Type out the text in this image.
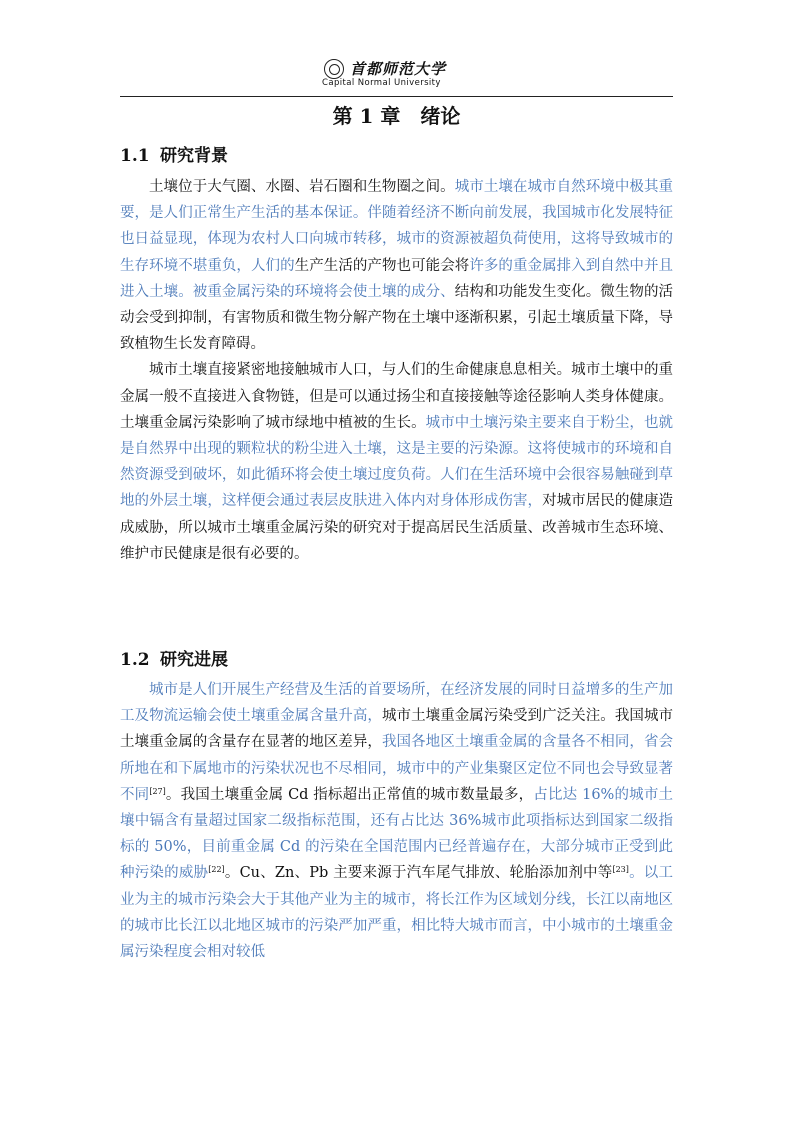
首都师范大学
Capital Normal University
第 1 章　绪论
1.1 研究背景

土壤位于大气圈、水圈、岩石圈和生物圈之间。城市土壤在城市自然环境中极其重要，是人们正常生产生活的基本保证。伴随着经济不断向前发展，我国城市化发展特征也日益显现，体现为农村人口向城市转移，城市的资源被超负荷使用，这将导致城市的生存环境不堪重负，人们的生产生活的产物也可能会将许多的重金属排入到自然中并且进入土壤。被重金属污染的环境将会使土壤的成分、结构和功能发生变化。微生物的活动会受到抑制，有害物质和微生物分解产物在土壤中逐渐积累，引起土壤质量下降，导致植物生长发育障碍。

城市土壤直接紧密地接触城市人口，与人们的生命健康息息相关。城市土壤中的重金属一般不直接进入食物链，但是可以通过扬尘和直接接触等途径影响人类身体健康。土壤重金属污染影响了城市绿地中植被的生长。城市中土壤污染主要来自于粉尘，也就是自然界中出现的颗粒状的粉尘进入土壤，这是主要的污染源。这将使城市的环境和自然资源受到破坏，如此循环将会使土壤过度负荷。人们在生活环境中会很容易触碰到草地的外层土壤，这样便会通过表层皮肤进入体内对身体形成伤害，对城市居民的健康造成威胁，所以城市土壤重金属污染的研究对于提高居民生活质量、改善城市生态环境、维护市民健康是很有必要的。

1.2 研究进展

城市是人们开展生产经营及生活的首要场所，在经济发展的同时日益增多的生产加工及物流运输会使土壤重金属含量升高，城市土壤重金属污染受到广泛关注。我国城市土壤重金属的含量存在显著的地区差异，我国各地区土壤重金属的含量各不相同，省会所地在和下属地市的污染状况也不尽相同，城市中的产业集聚区定位不同也会导致显著不同[27]。我国土壤重金属 Cd 指标超出正常值的城市数量最多，占比达 16%的城市土壤中镉含有量超过国家二级指标范围，还有占比达 36%城市此项指标达到国家二级指标的 50%，目前重金属 Cd 的污染在全国范围内已经普遍存在，大部分城市正受到此种污染的威胁[22]。Cu、Zn、Pb 主要来源于汽车尾气排放、轮胎添加剂中等[23]。以工业为主的城市污染会大于其他产业为主的城市，将长江作为区域划分线，长江以南地区的城市比长江以北地区城市的污染严加严重，相比特大城市而言，中小城市的土壤重金属污染程度会相对较低
